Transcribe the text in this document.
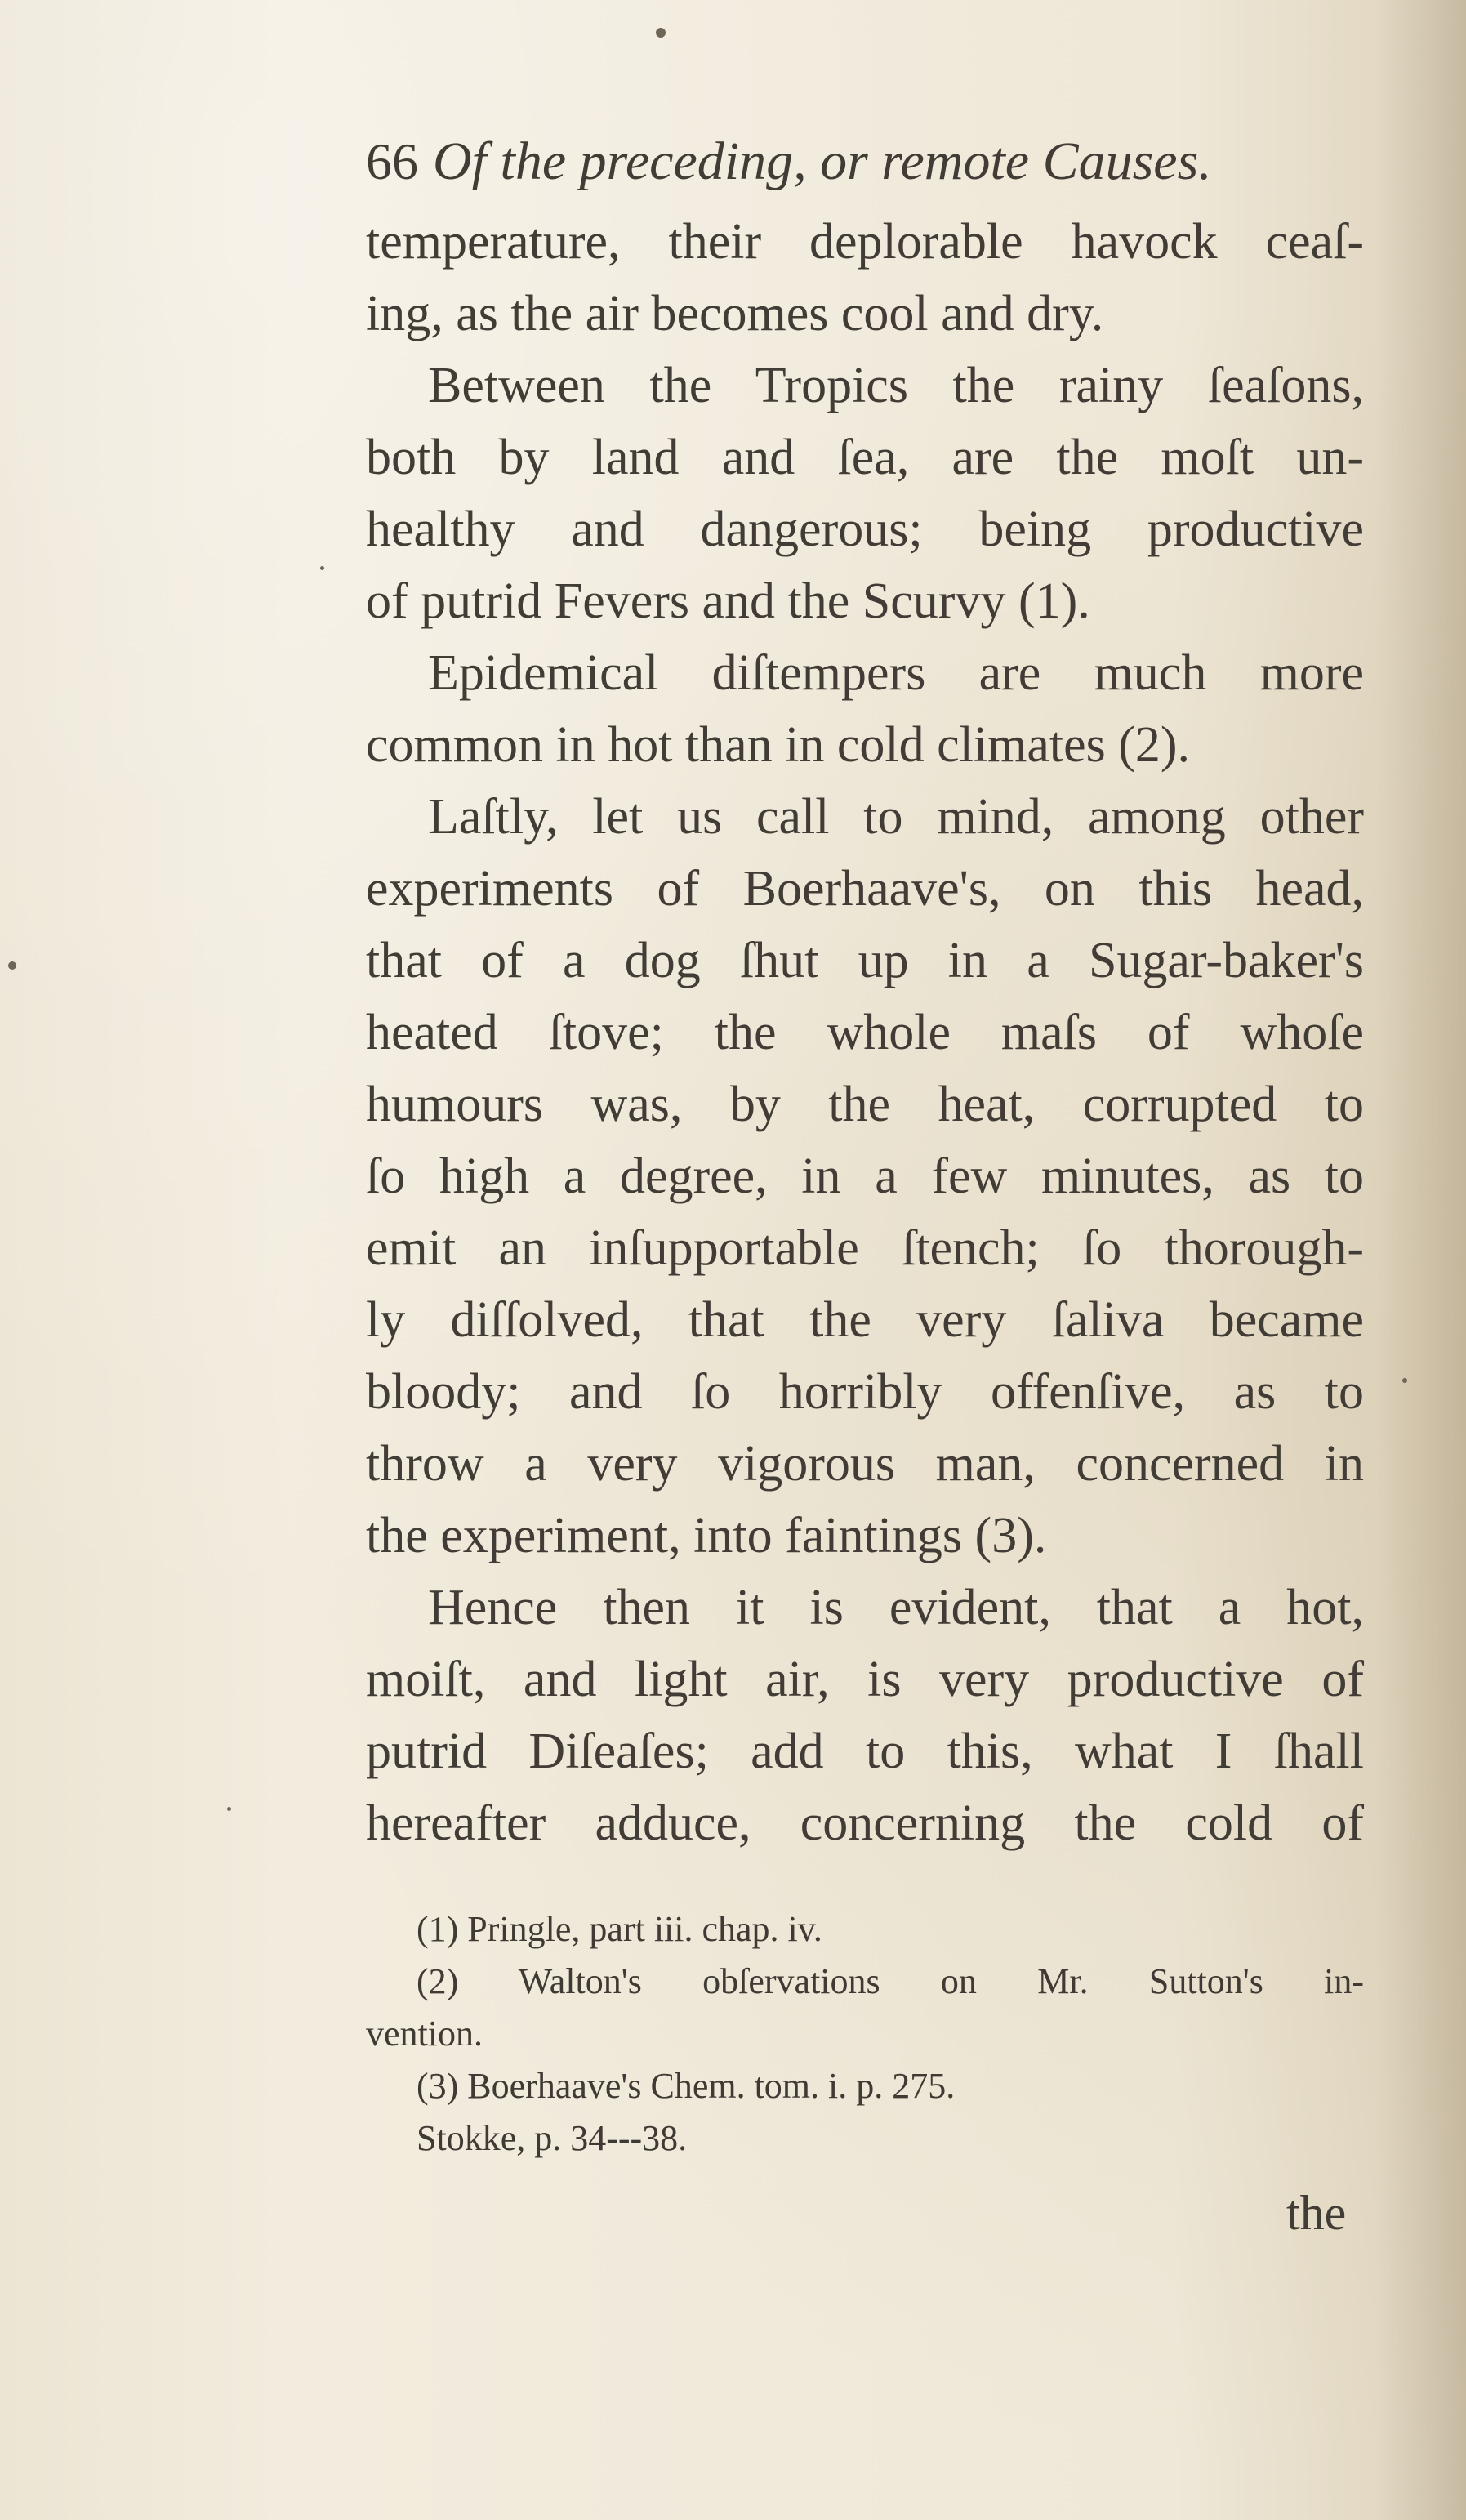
66 Of the preceding, or remote Causes.

temperature, their deplorable havock ceaſ-
ing, as the air becomes cool and dry.

Between the Tropics the rainy ſeaſons,
both by land and ſea, are the moſt un-
healthy and dangerous; being productive
of putrid Fevers and the Scurvy (1).

Epidemical diſtempers are much more
common in hot than in cold climates (2).

Laſtly, let us call to mind, among other
experiments of Boerhaave's, on this head,
that of a dog ſhut up in a Sugar-baker's
heated ſtove; the whole maſs of whoſe
humours was, by the heat, corrupted to
ſo high a degree, in a few minutes, as to
emit an inſupportable ſtench; ſo thorough-
ly diſſolved, that the very ſaliva became
bloody; and ſo horribly offenſive, as to
throw a very vigorous man, concerned in
the experiment, into faintings (3).

Hence then it is evident, that a hot,
moiſt, and light air, is very productive of
putrid Diſeaſes; add to this, what I ſhall
hereafter adduce, concerning the cold of

(1) Pringle, part iii. chap. iv.
(2) Walton's obſervations on Mr. Sutton's in-
vention.
(3) Boerhaave's Chem. tom. i. p. 275.
Stokke, p. 34---38.
the
